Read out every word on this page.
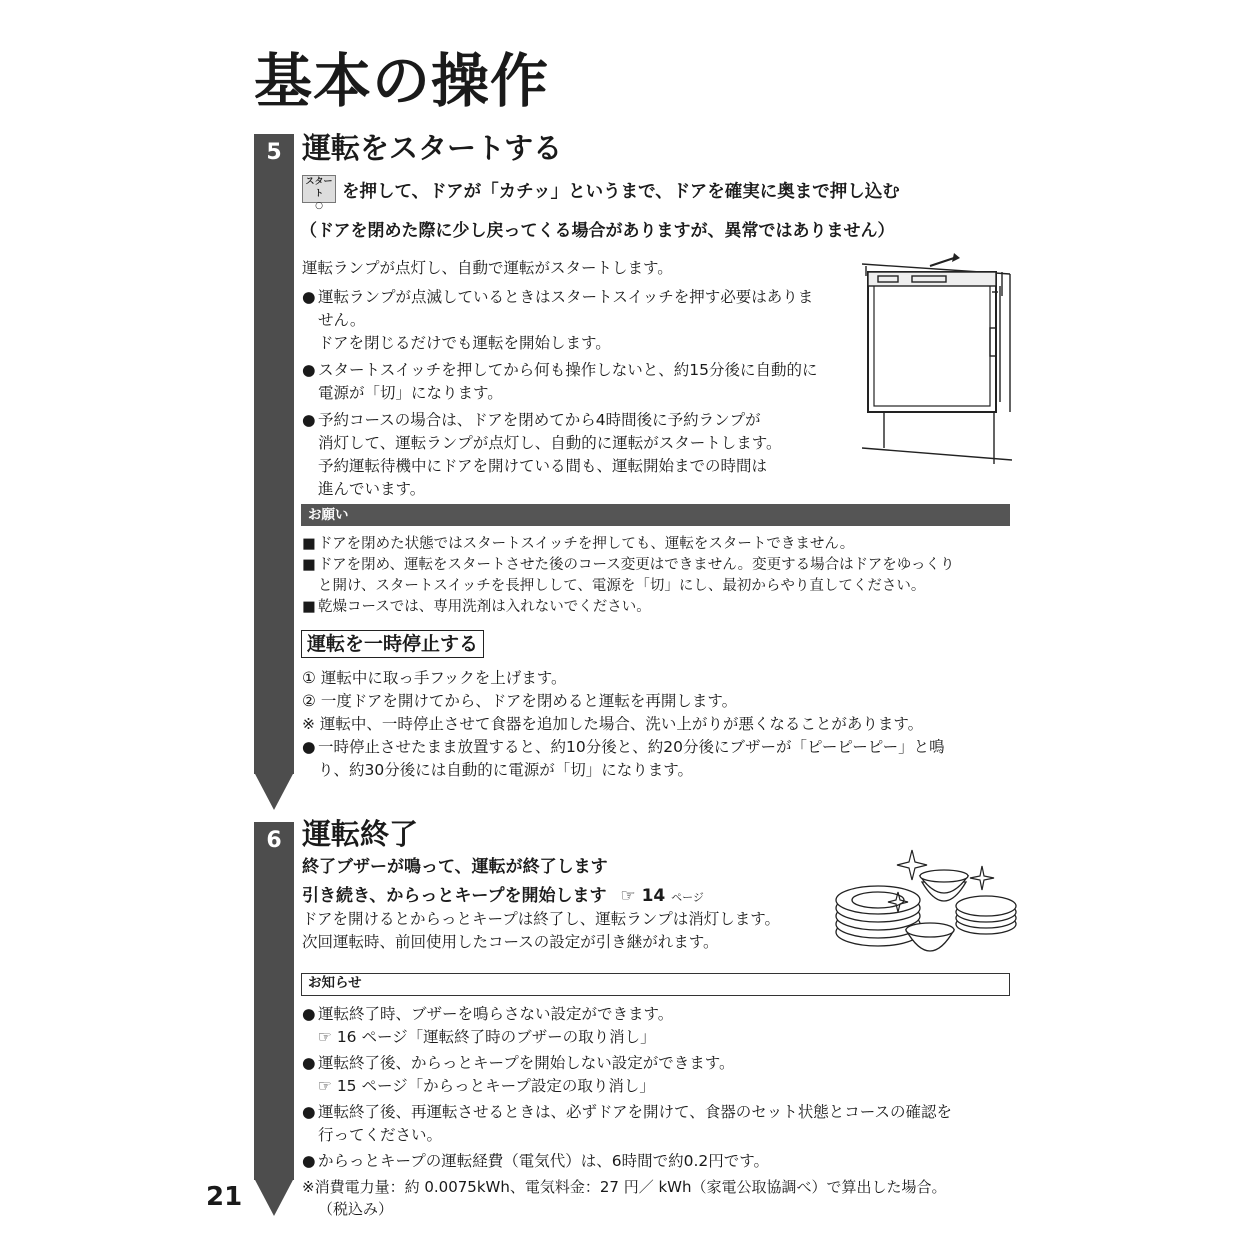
基本の操作
5 運転をスタートする
スタート
○
を押して、ドアが「カチッ」というまで、ドアを確実に奥まで押し込む
（ドアを閉めた際に少し戻ってくる場合がありますが、異常ではありません）
運転ランプが点灯し、自動で運転がスタートします。
● 運転ランプが点滅しているときはスタートスイッチを押す必要はありま
せん。
ドアを閉じるだけでも運転を開始します。
● スタートスイッチを押してから何も操作しないと、約15分後に自動的に
電源が「切」になります。
● 予約コースの場合は、ドアを閉めてから4時間後に予約ランプが
消灯して、運転ランプが点灯し、自動的に運転がスタートします。
予約運転待機中にドアを開けている間も、運転開始までの時間は
進んでいます。
お願い
■ ドアを閉めた状態ではスタートスイッチを押しても、運転をスタートできません。
■ ドアを閉め、運転をスタートさせた後のコース変更はできません。変更する場合はドアをゆっくり
と開け、スタートスイッチを長押しして、電源を「切」にし、最初からやり直してください。
■ 乾燥コースでは、専用洗剤は入れないでください。
運転を一時停止する
① 運転中に取っ手フックを上げます。
② 一度ドアを開けてから、ドアを閉めると運転を再開します。
※ 運転中、一時停止させて食器を追加した場合、洗い上がりが悪くなることがあります。
● 一時停止させたまま放置すると、約10分後と、約20分後にブザーが「ピーピーピー」と鳴
り、約30分後には自動的に電源が「切」になります。
6 運転終了
終了ブザーが鳴って、運転が終了します
引き続き、からっとキープを開始します ☞ 14 ページ
ドアを開けるとからっとキープは終了し、運転ランプは消灯します。
次回運転時、前回使用したコースの設定が引き継がれます。
お知らせ
● 運転終了時、ブザーを鳴らさない設定ができます。
☞ 16 ページ「運転終了時のブザーの取り消し」
● 運転終了後、からっとキープを開始しない設定ができます。
☞ 15 ページ「からっとキープ設定の取り消し」
● 運転終了後、再運転させるときは、必ずドアを開けて、食器のセット状態とコースの確認を
行ってください。
● からっとキープの運転経費（電気代）は、6時間で約0.2円です。
※消費電力量：約 0.0075kWh、電気料金：27 円／ kWh（家電公取協調べ）で算出した場合。
（税込み）
21
